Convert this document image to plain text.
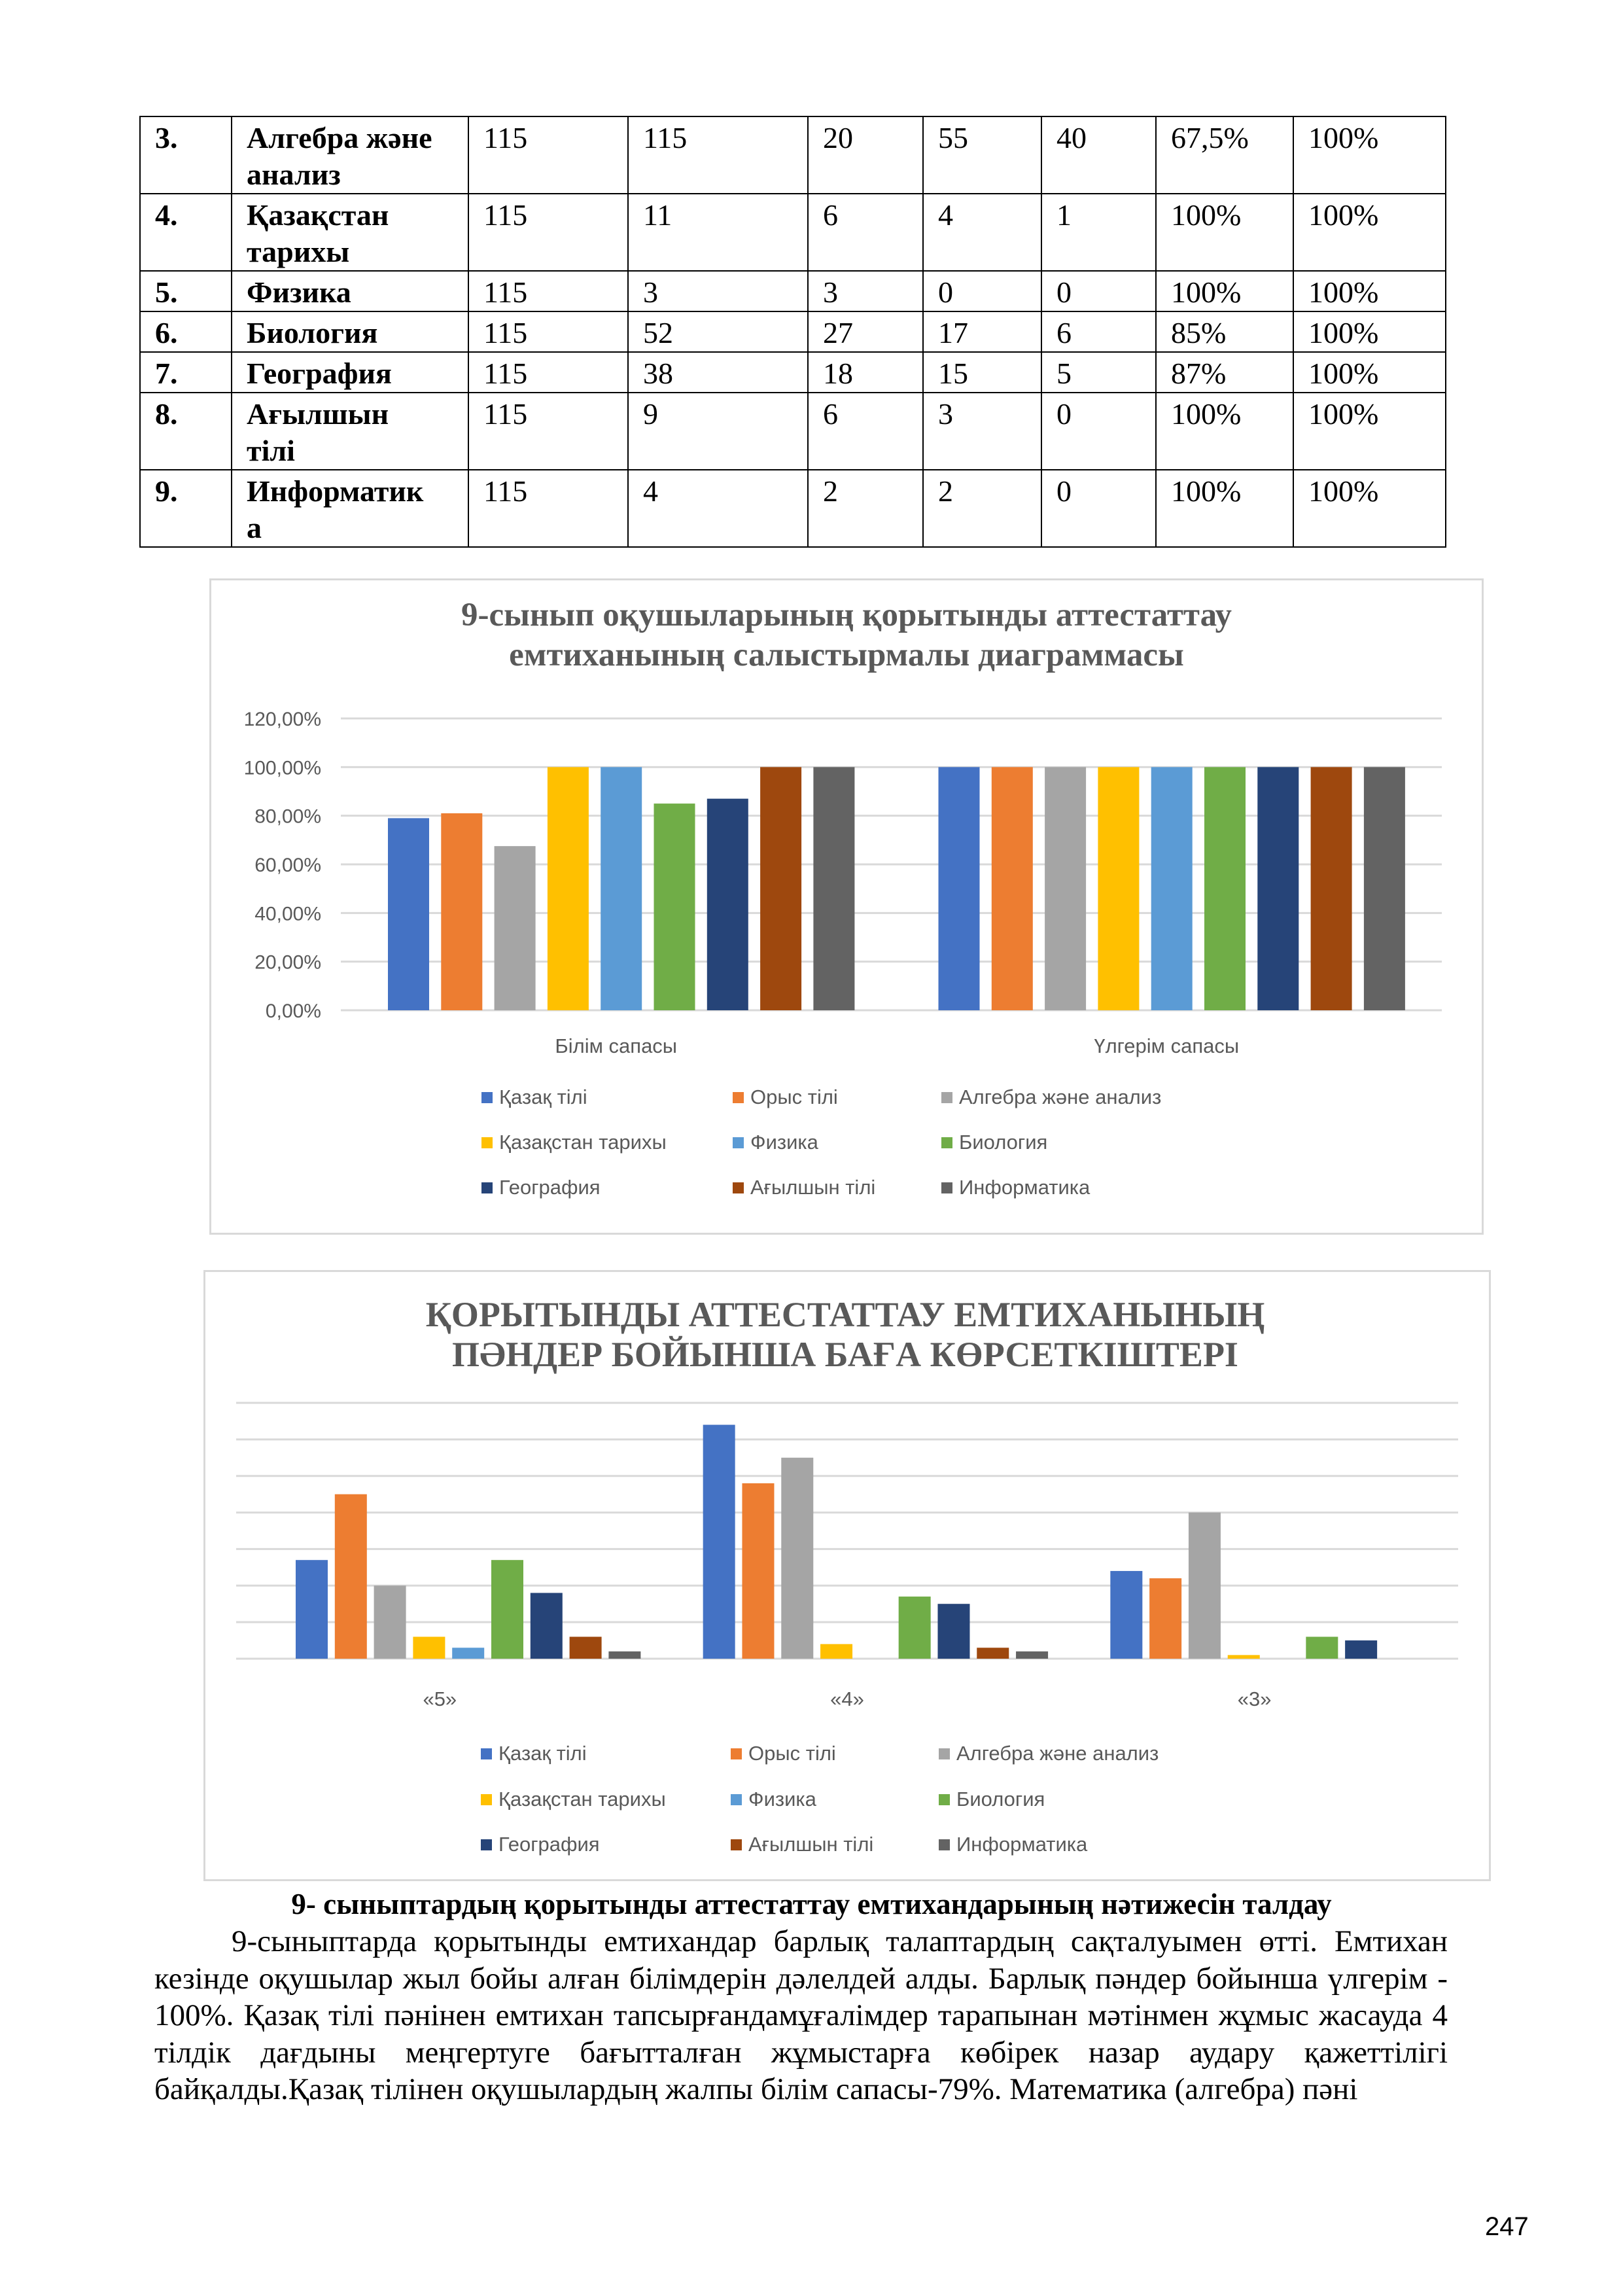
3.	Алгебра және
анализ	115	115	20	55	40	67,5%	100%
4.	Қазақстан
тарихы	115	11	6	4	1	100%	100%
5.	Физика	115	3	3	0	0	100%	100%
6.	Биология	115	52	27	17	6	85%	100%
7.	География	115	38	18	15	5	87%	100%
8.	Ағылшын
тілі	115	9	6	3	0	100%	100%
9.	Информатик
а	115	4	2	2	0	100%	100%
9-сынып оқушыларының қорытынды аттестаттау
емтиханының салыстырмалы диаграммасы
0,00%
20,00%
40,00%
60,00%
80,00%
100,00%
120,00%
Білім сапасы	Үлгерім сапасы
Қазақ тілі	Орыс тілі	Алгебра және анализ
Қазақстан тарихы	Физика	Биология
География	Ағылшын тілі	Информатика
ҚОРЫТЫНДЫ АТТЕСТАТТАУ ЕМТИХАНЫНЫҢ
ПӘНДЕР БОЙЫНША БАҒА КӨРСЕТКІШТЕРІ
«5»	«4»	«3»
Қазақ тілі	Орыс тілі	Алгебра және анализ
Қазақстан тарихы	Физика	Биология
География	Ағылшын тілі	Информатика
9- сыныптардың қорытынды аттестаттау емтихандарының нәтижесін талдау

9-сыныптарда қорытынды емтихандар барлық талаптардың сақталуымен өтті. Емтихан кезінде оқушылар жыл бойы алған білімдерін дәлелдей алды. Барлық пәндер бойынша үлгерім - 100%. Қазақ тілі пәнінен емтихан тапсырғандамұғалімдер тарапынан мәтінмен жұмыс жасауда 4 тілдік дағдыны меңгертуге бағытталған жұмыстарға көбірек назар аудару қажеттілігі байқалды.Қазақ тілінен оқушылардың жалпы білім сапасы-79%. Математика (алгебра) пәні

247
